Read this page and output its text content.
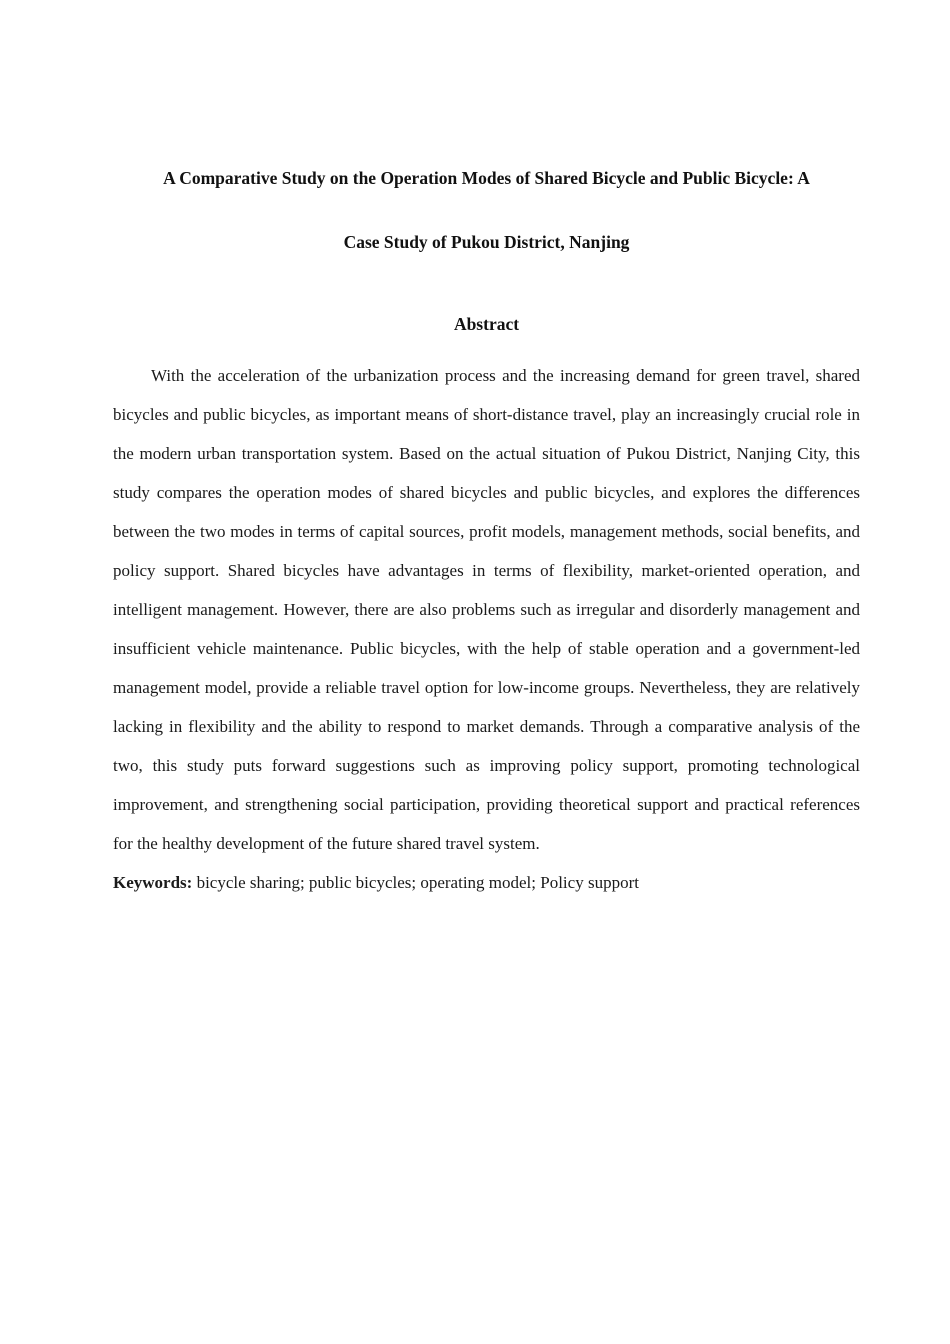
A Comparative Study on the Operation Modes of Shared Bicycle and Public Bicycle: A
Case Study of Pukou District, Nanjing
Abstract

With the acceleration of the urbanization process and the increasing demand for green travel, shared bicycles and public bicycles, as important means of short-distance travel, play an increasingly crucial role in the modern urban transportation system. Based on the actual situation of Pukou District, Nanjing City, this study compares the operation modes of shared bicycles and public bicycles, and explores the differences between the two modes in terms of capital sources, profit models, management methods, social benefits, and policy support. Shared bicycles have advantages in terms of flexibility, market-oriented operation, and intelligent management. However, there are also problems such as irregular and disorderly management and insufficient vehicle maintenance. Public bicycles, with the help of stable operation and a government-led management model, provide a reliable travel option for low-income groups. Nevertheless, they are relatively lacking in flexibility and the ability to respond to market demands. Through a comparative analysis of the two, this study puts forward suggestions such as improving policy support, promoting technological improvement, and strengthening social participation, providing theoretical support and practical references for the healthy development of the future shared travel system.

Keywords: bicycle sharing; public bicycles; operating model; Policy support
